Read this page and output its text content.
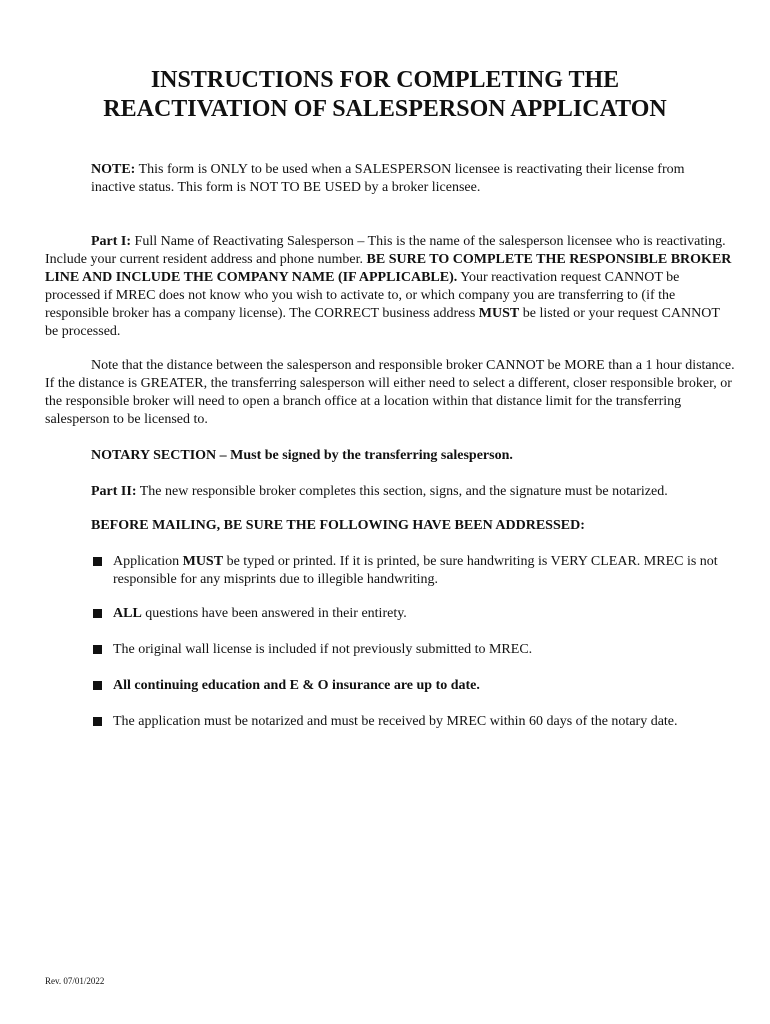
INSTRUCTIONS FOR COMPLETING THE
REACTIVATION OF SALESPERSON APPLICATON

NOTE: This form is ONLY to be used when a SALESPERSON licensee is reactivating their license from inactive status. This form is NOT TO BE USED by a broker licensee.

Part I: Full Name of Reactivating Salesperson – This is the name of the salesperson licensee who is reactivating. Include your current resident address and phone number. BE SURE TO COMPLETE THE RESPONSIBLE BROKER LINE AND INCLUDE THE COMPANY NAME (IF APPLICABLE). Your reactivation request CANNOT be processed if MREC does not know who you wish to activate to, or which company you are transferring to (if the responsible broker has a company license). The CORRECT business address MUST be listed or your request CANNOT be processed.

Note that the distance between the salesperson and responsible broker CANNOT be MORE than a 1 hour distance. If the distance is GREATER, the transferring salesperson will either need to select a different, closer responsible broker, or the responsible broker will need to open a branch office at a location within that distance limit for the transferring salesperson to be licensed to.

NOTARY SECTION – Must be signed by the transferring salesperson.

Part II: The new responsible broker completes this section, signs, and the signature must be notarized.

BEFORE MAILING, BE SURE THE FOLLOWING HAVE BEEN ADDRESSED:

Application MUST be typed or printed. If it is printed, be sure handwriting is VERY CLEAR. MREC is not responsible for any misprints due to illegible handwriting.
ALL questions have been answered in their entirety.
The original wall license is included if not previously submitted to MREC.
All continuing education and E & O insurance are up to date.
The application must be notarized and must be received by MREC within 60 days of the notary date.
Rev. 07/01/2022
